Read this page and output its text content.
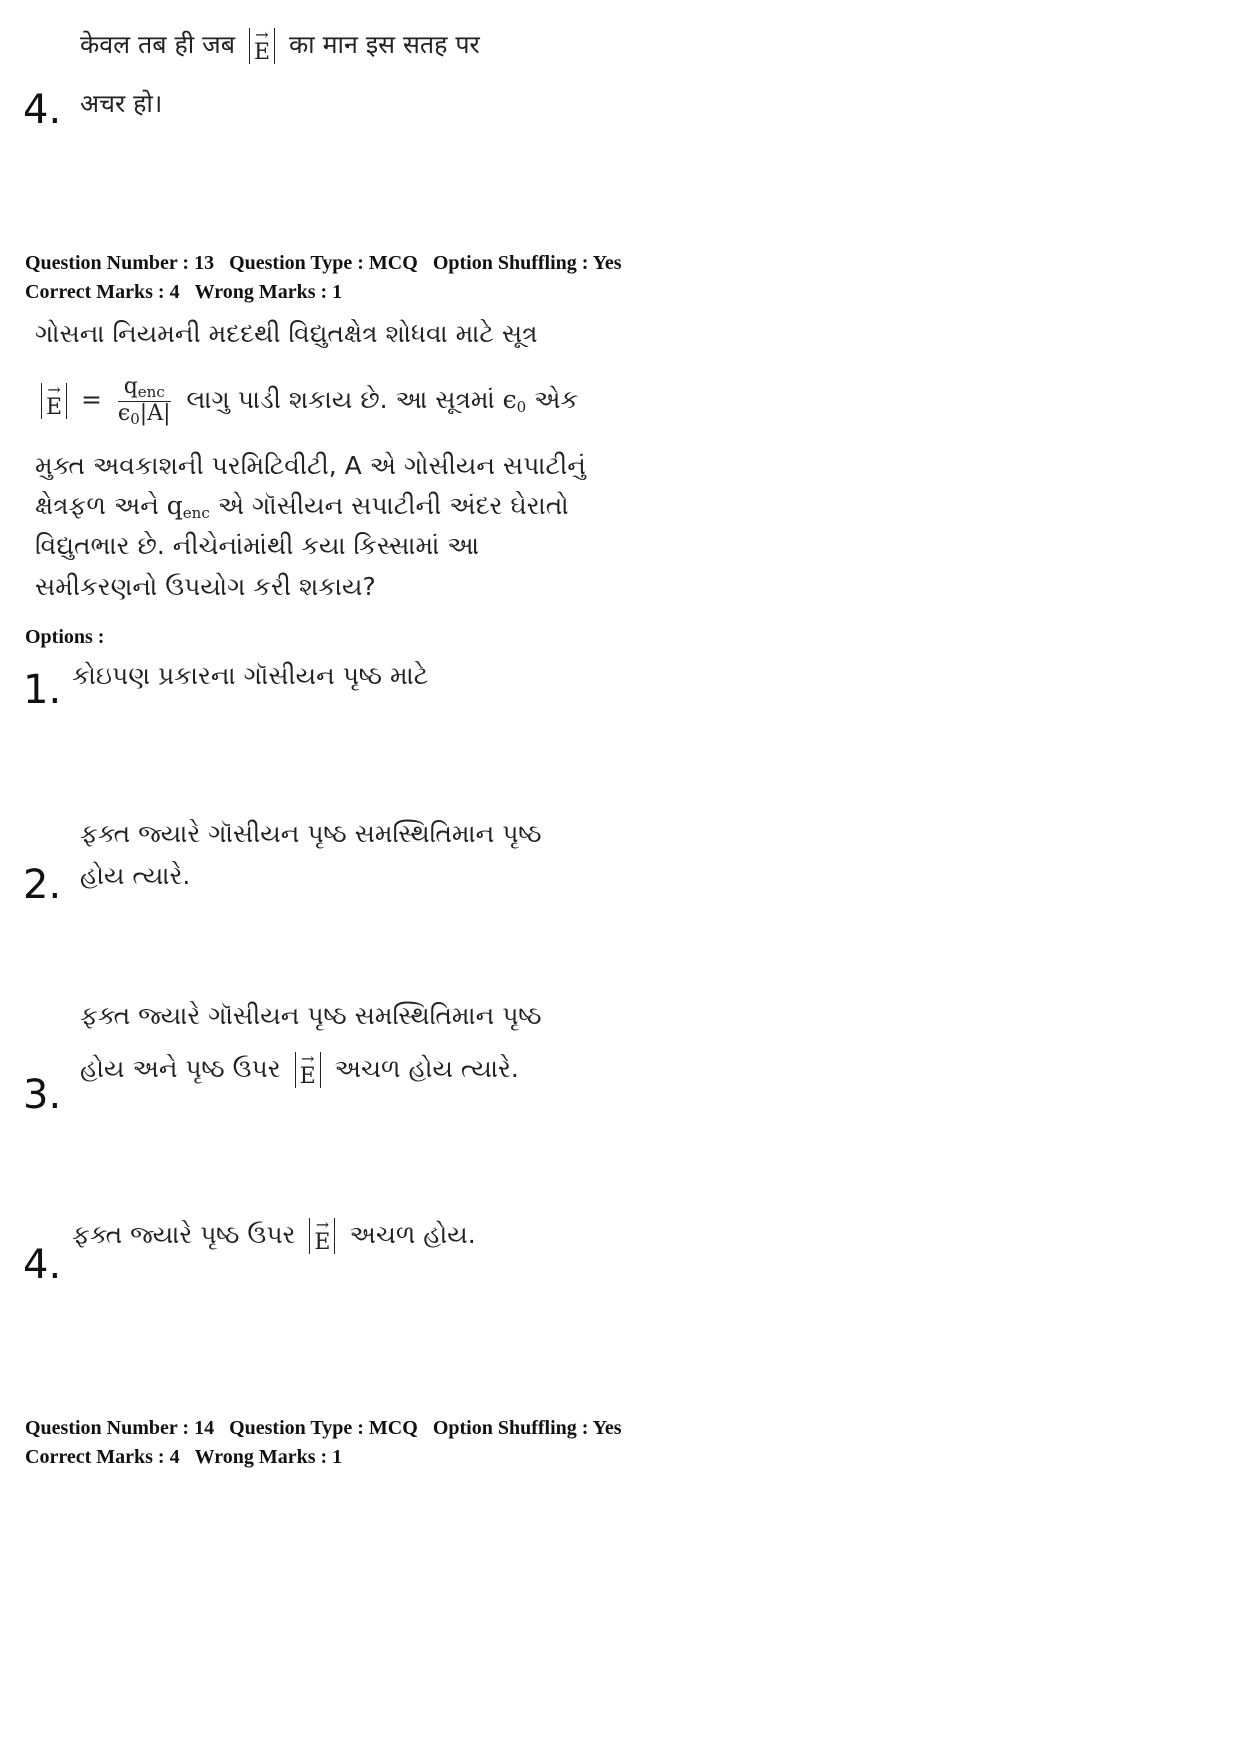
केवल तब ही जब →
E का मान इस सतह पर
4. अचर हो।
Question Number : 13 Question Type : MCQ Option Shuffling : Yes
Correct Marks : 4 Wrong Marks : 1
ગોસના નિયમની મદદથી વિદ્યુતક્ષેત્ર શોધવા માટે સૂત્ર
→
$E = \frac{q_{enc}}{\epsilon_0|A|}$ લાગુ પાડી શકાય છે. આ સૂત્રમાં $\epsilon_0$ એક
મુક્ત અવકાશની પરમિટિવીટી, A એ ગોસીયન સપાટીનું
ક્ષેત્રફળ અને $q_{enc}$ એ ગૉસીયન સપાટીની અંદર ઘેરાતો
વિદ્યુતભાર છે. નીચેનાંમાંથી કયા કિસ્સામાં આ
સમીકરણનો ઉપયોગ કરી શકાય?
Options :
1. કોઇપણ પ્રકારના ગૉસીયન પૃષ્ઠ માટે
ફક્ત જ્યારે ગૉસીયન પૃષ્ઠ સમસ્થિતિમાન પૃષ્ઠ
2. હોય ત્યારે.
ફક્ત જ્યારે ગૉસીયન પૃષ્ઠ સમસ્થિતિમાન પૃષ્ઠ
હોય અને પૃષ્ઠ ઉપર →
E અચળ હોય ત્યારે.
3.
4.
ફક્ત જ્યારે પૃષ્ઠ ઉપર →
E અચળ હોય.
Question Number : 14 Question Type : MCQ Option Shuffling : Yes
Correct Marks : 4 Wrong Marks : 1
